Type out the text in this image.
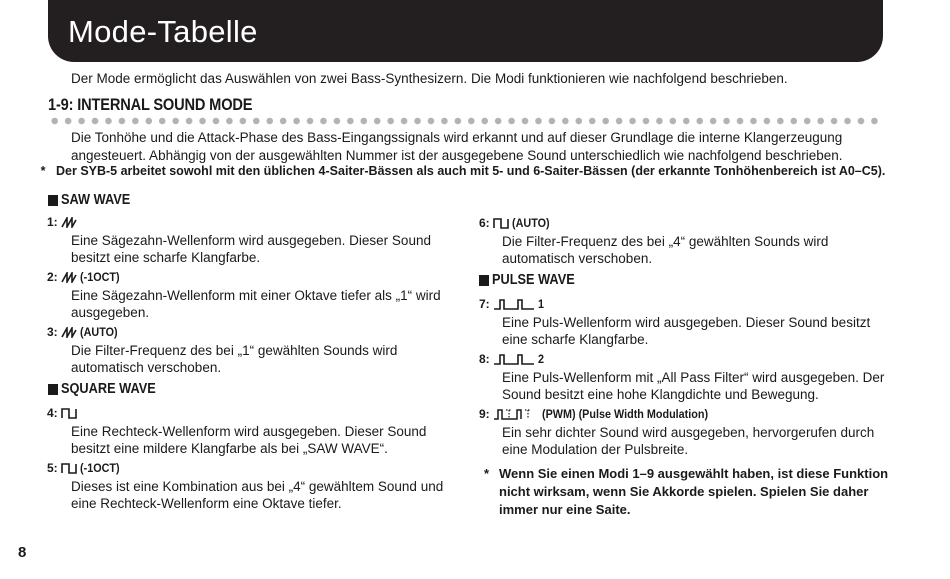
Mode-Tabelle
Der Mode ermöglicht das Auswählen von zwei Bass-Synthesizern. Die Modi funktionieren wie nachfolgend beschrieben.
1-9: INTERNAL SOUND MODE
Die Tonhöhe und die Attack-Phase des Bass-Eingangssignals wird erkannt und auf dieser Grundlage die interne Klangerzeugung angesteuert. Abhängig von der ausgewählten Nummer ist der ausgegebene Sound unterschiedlich wie nachfolgend beschrieben.
* Der SYB-5 arbeitet sowohl mit den üblichen 4-Saiter-Bässen als auch mit 5- und 6-Saiter-Bässen (der erkannte Tonhöhenbereich ist A0–C5).
SAW WAVE
1:
Eine Sägezahn-Wellenform wird ausgegeben. Dieser Sound besitzt eine scharfe Klangfarbe.
2: (-1OCT)
Eine Sägezahn-Wellenform mit einer Oktave tiefer als „1“ wird ausgegeben.
3: (AUTO)
Die Filter-Frequenz des bei „1“ gewählten Sounds wird automatisch verschoben.
SQUARE WAVE
4:
Eine Rechteck-Wellenform wird ausgegeben. Dieser Sound besitzt eine mildere Klangfarbe als bei „SAW WAVE“.
5: (-1OCT)
Dieses ist eine Kombination aus bei „4“ gewähltem Sound und eine Rechteck-Wellenform eine Oktave tiefer.
6: (AUTO)
Die Filter-Frequenz des bei „4“ gewählten Sounds wird automatisch verschoben.
PULSE WAVE
7:	1
Eine Puls-Wellenform wird ausgegeben. Dieser Sound besitzt eine scharfe Klangfarbe.
8:	2
Eine Puls-Wellenform mit „All Pass Filter“ wird ausgegeben. Der Sound besitzt eine hohe Klangdichte und Bewegung.
9:	(PWM) (Pulse Width Modulation)
Ein sehr dichter Sound wird ausgegeben, hervorgerufen durch eine Modulation der Pulsbreite.
* Wenn Sie einen Modi 1–9 ausgewählt haben, ist diese Funktion nicht wirksam, wenn Sie Akkorde spielen. Spielen Sie daher immer nur eine Saite.
8
